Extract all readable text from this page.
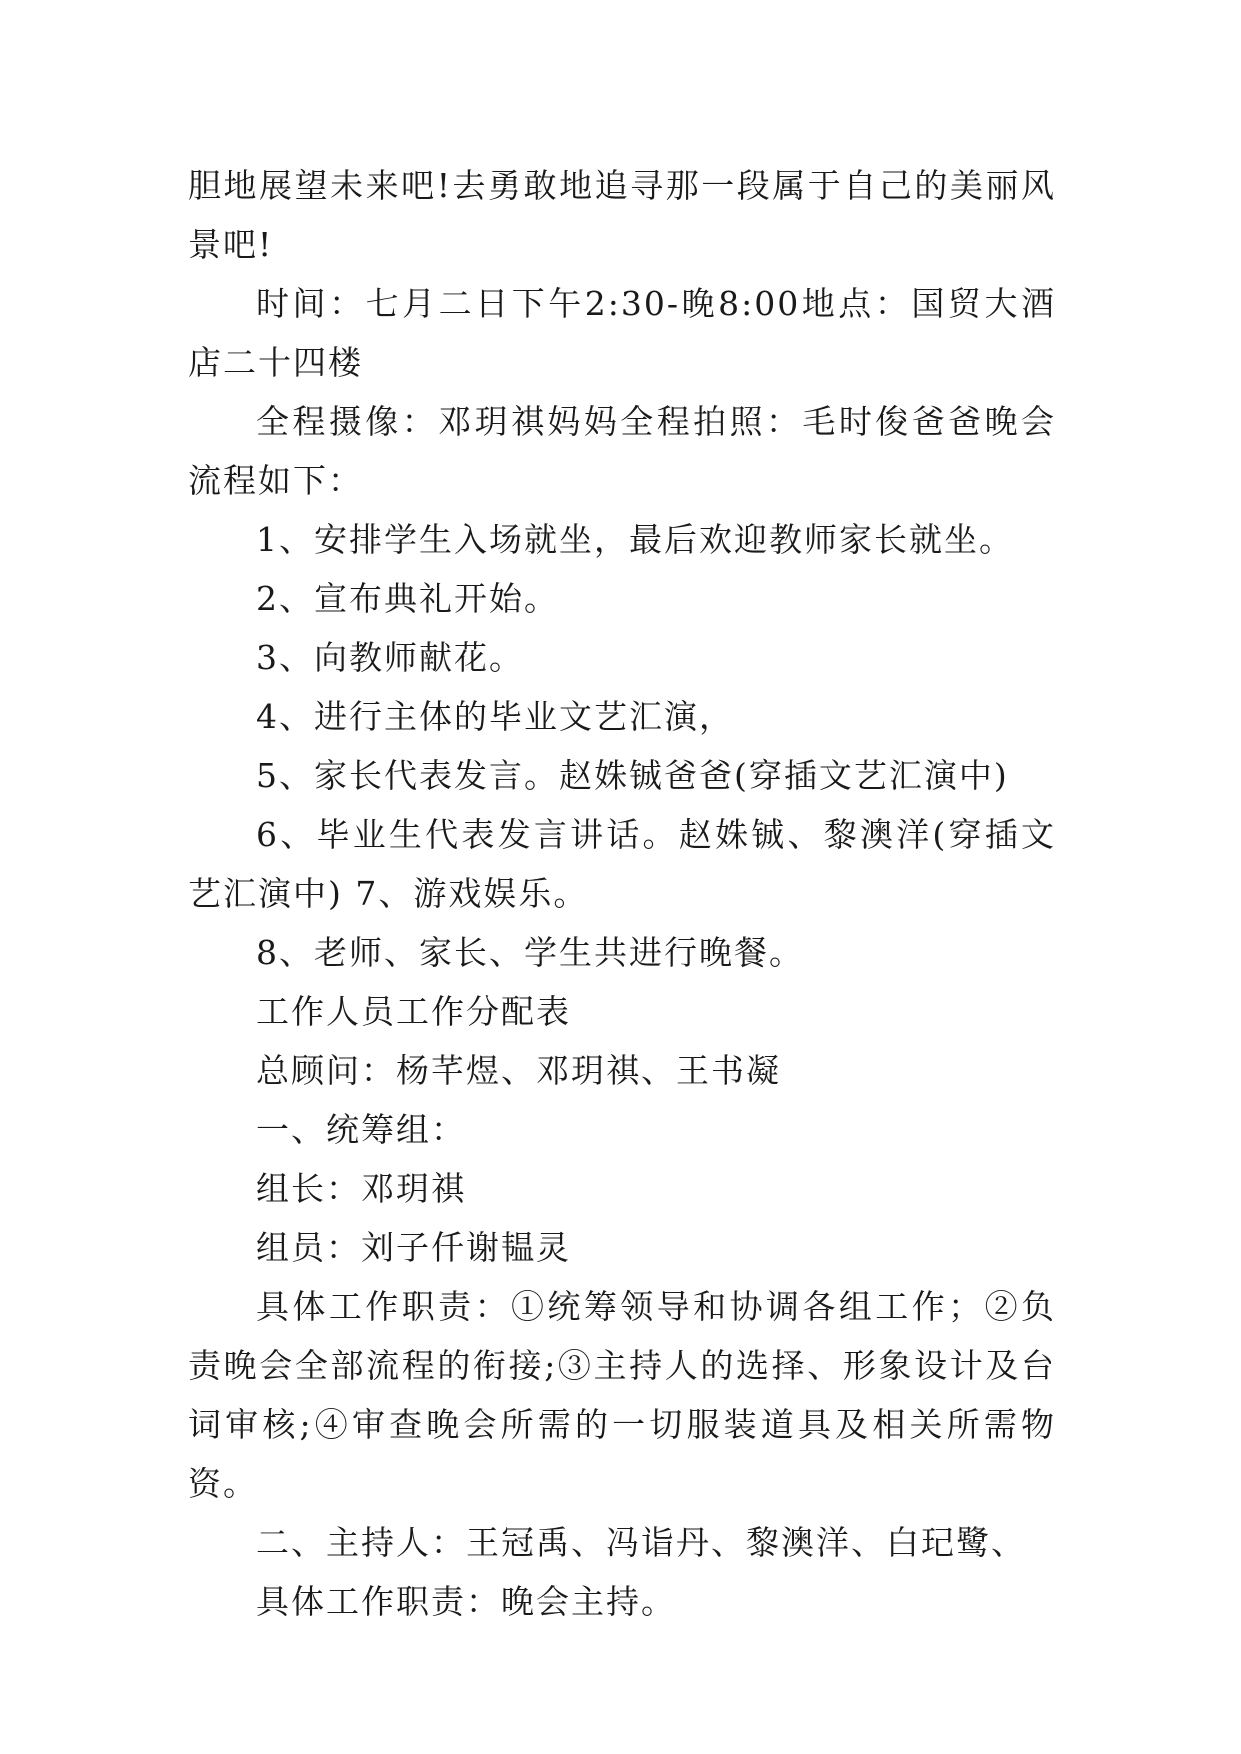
胆地展望未来吧!去勇敢地追寻那一段属于自己的美丽风景吧!

时间：七月二日下午2:30-晚8:00地点：国贸大酒店二十四楼

全程摄像：邓玥祺妈妈全程拍照：毛时俊爸爸晚会流程如下：

1、安排学生入场就坐，最后欢迎教师家长就坐。

2、宣布典礼开始。

3、向教师献花。

4、进行主体的毕业文艺汇演，

5、家长代表发言。赵姝铖爸爸(穿插文艺汇演中)

6、毕业生代表发言讲话。赵姝铖、黎澳洋(穿插文艺汇演中) 7、游戏娱乐。

8、老师、家长、学生共进行晚餐。

工作人员工作分配表

总顾问：杨芊煜、邓玥祺、王书凝

一、统筹组：

组长：邓玥祺

组员：刘子仟谢韫灵

具体工作职责：①统筹领导和协调各组工作；②负责晚会全部流程的衔接;③主持人的选择、形象设计及台词审核;④审查晚会所需的一切服装道具及相关所需物资。

二、主持人：王冠禹、冯诣丹、黎澳洋、白玘鹭、

具体工作职责：晚会主持。
